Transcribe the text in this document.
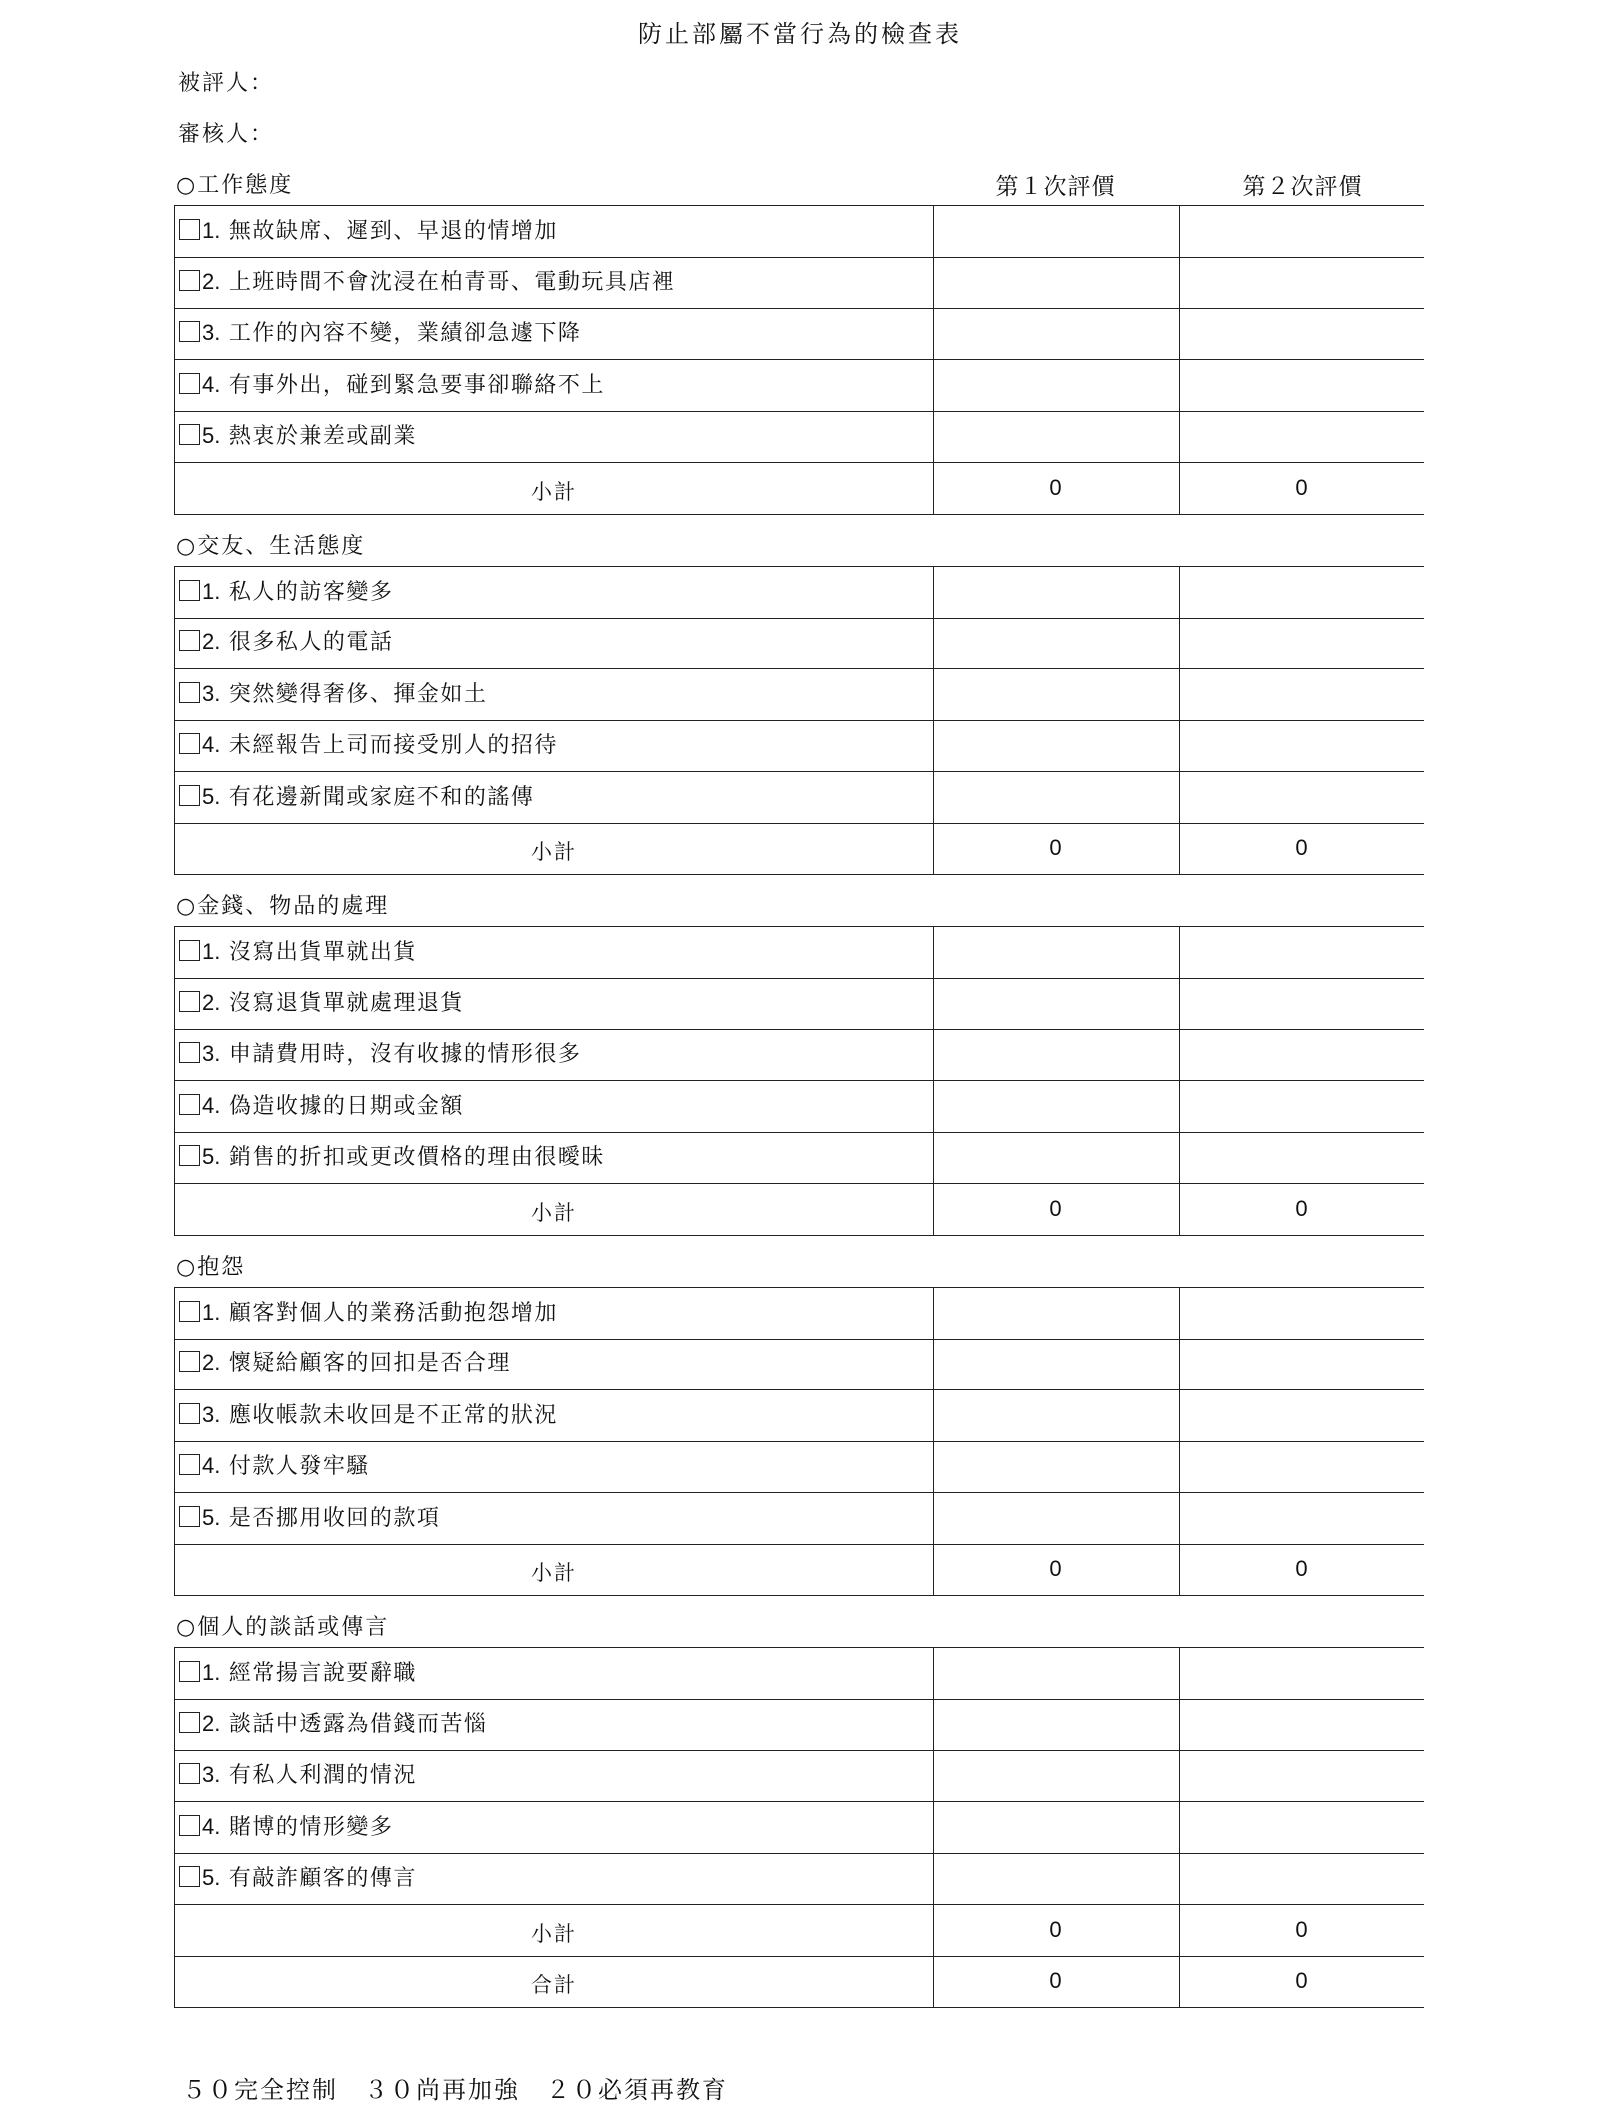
防止部屬不當行為的檢查表
被評人：
審核人：
第１次評價	第２次評價
○工作態度
1. 無故缺席、遲到、早退的情增加
2. 上班時間不會沈浸在柏青哥、電動玩具店裡
3. 工作的內容不變，業績卻急遽下降
4. 有事外出，碰到緊急要事卻聯絡不上
5. 熱衷於兼差或副業
小計	0	0
○交友、生活態度
1. 私人的訪客變多
2. 很多私人的電話
3. 突然變得奢侈、揮金如土
4. 未經報告上司而接受別人的招待
5. 有花邊新聞或家庭不和的謠傳
小計	0	0
○金錢、物品的處理
1. 沒寫出貨單就出貨
2. 沒寫退貨單就處理退貨
3. 申請費用時，沒有收據的情形很多
4. 偽造收據的日期或金額
5. 銷售的折扣或更改價格的理由很曖昧
小計	0	0
○抱怨
1. 顧客對個人的業務活動抱怨增加
2. 懷疑給顧客的回扣是否合理
3. 應收帳款未收回是不正常的狀況
4. 付款人發牢騷
5. 是否挪用收回的款項
小計	0	0
○個人的談話或傳言
1. 經常揚言說要辭職
2. 談話中透露為借錢而苦惱
3. 有私人利潤的情況
4. 賭博的情形變多
5. 有敲詐顧客的傳言
小計	0	0
合計	0	0
５０完全控制　３０尚再加強　２０必須再教育
